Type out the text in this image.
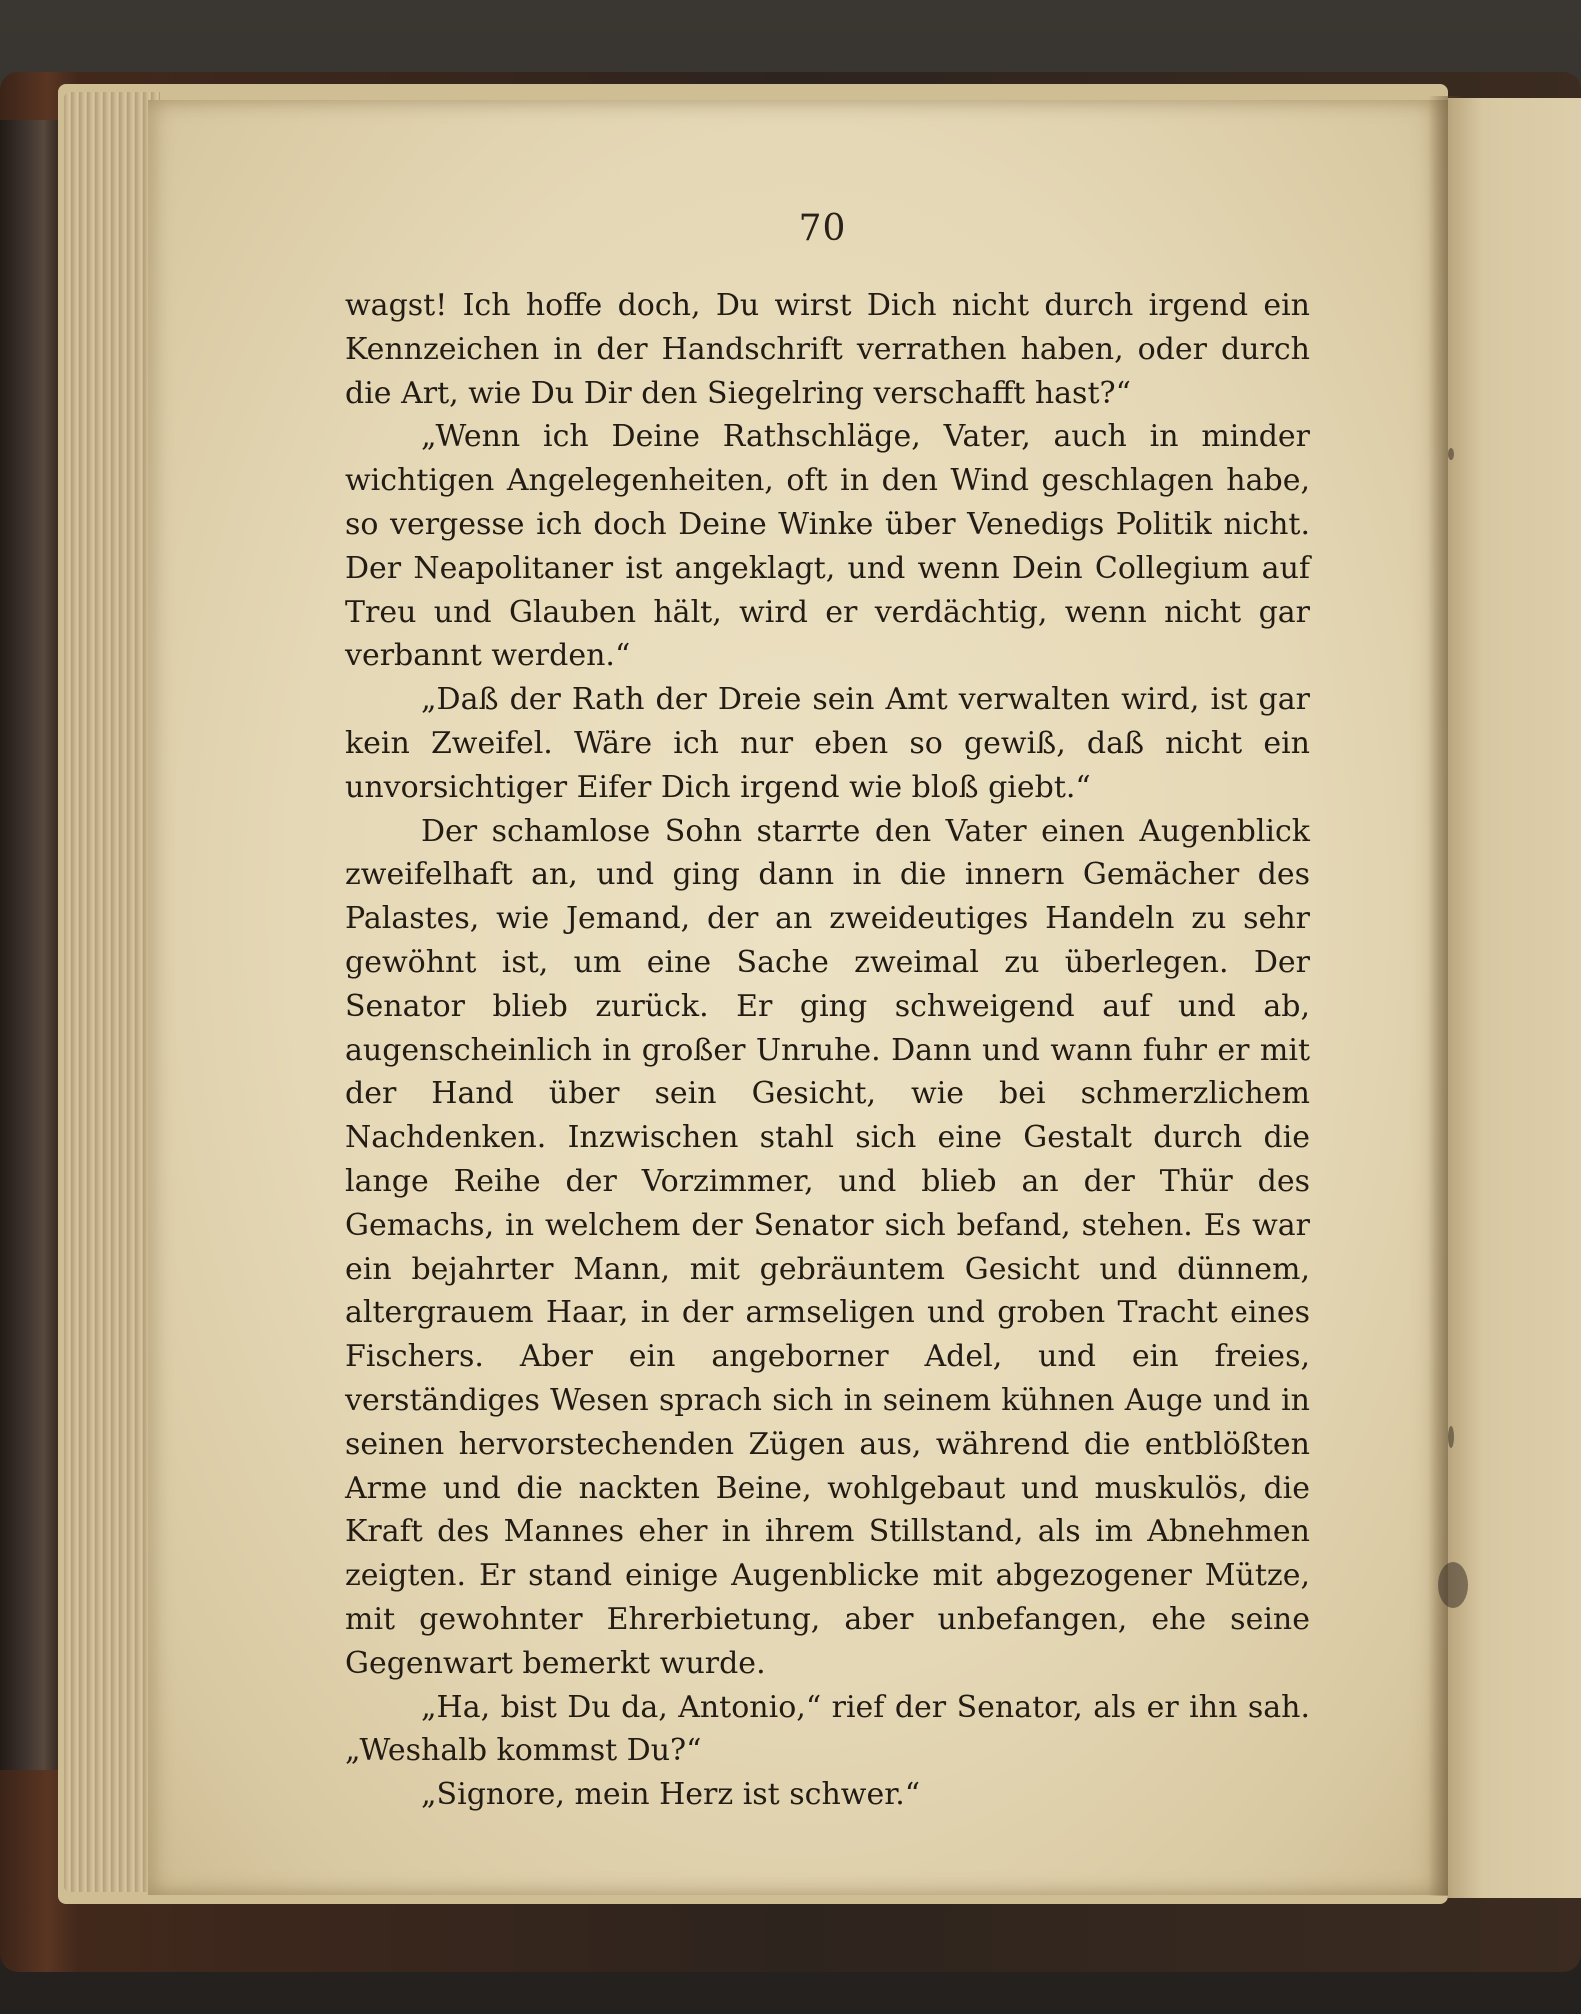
70

wagst! Ich hoffe doch, Du wirst Dich nicht durch irgend ein Kennzeichen in der Handschrift verrathen haben, oder durch die Art, wie Du Dir den Siegelring verschafft hast?“

„Wenn ich Deine Rathschläge, Vater, auch in minder wichtigen Angelegenheiten, oft in den Wind geschlagen habe, so vergesse ich doch Deine Winke über Venedigs Politik nicht. Der Neapolitaner ist angeklagt, und wenn Dein Collegium auf Treu und Glauben hält, wird er verdächtig, wenn nicht gar verbannt werden.“

„Daß der Rath der Dreie sein Amt verwalten wird, ist gar kein Zweifel. Wäre ich nur eben so gewiß, daß nicht ein unvorsichtiger Eifer Dich irgend wie bloß giebt.“

Der schamlose Sohn starrte den Vater einen Augenblick zweifelhaft an, und ging dann in die innern Gemächer des Palastes, wie Jemand, der an zweideutiges Handeln zu sehr gewöhnt ist, um eine Sache zweimal zu überlegen. Der Senator blieb zurück. Er ging schweigend auf und ab, augenscheinlich in großer Unruhe. Dann und wann fuhr er mit der Hand über sein Gesicht, wie bei schmerzlichem Nachdenken. Inzwischen stahl sich eine Gestalt durch die lange Reihe der Vorzimmer, und blieb an der Thür des Gemachs, in welchem der Senator sich befand, stehen. Es war ein bejahrter Mann, mit gebräuntem Gesicht und dünnem, altergrauem Haar, in der armseligen und groben Tracht eines Fischers. Aber ein angeborner Adel, und ein freies, verständiges Wesen sprach sich in seinem kühnen Auge und in seinen hervorstechenden Zügen aus, während die entblößten Arme und die nackten Beine, wohlgebaut und muskulös, die Kraft des Mannes eher in ihrem Stillstand, als im Abnehmen zeigten. Er stand einige Augenblicke mit abgezogener Mütze, mit gewohnter Ehrerbietung, aber unbefangen, ehe seine Gegenwart bemerkt wurde.

„Ha, bist Du da, Antonio,“ rief der Senator, als er ihn sah. „Weshalb kommst Du?“

„Signore, mein Herz ist schwer.“
